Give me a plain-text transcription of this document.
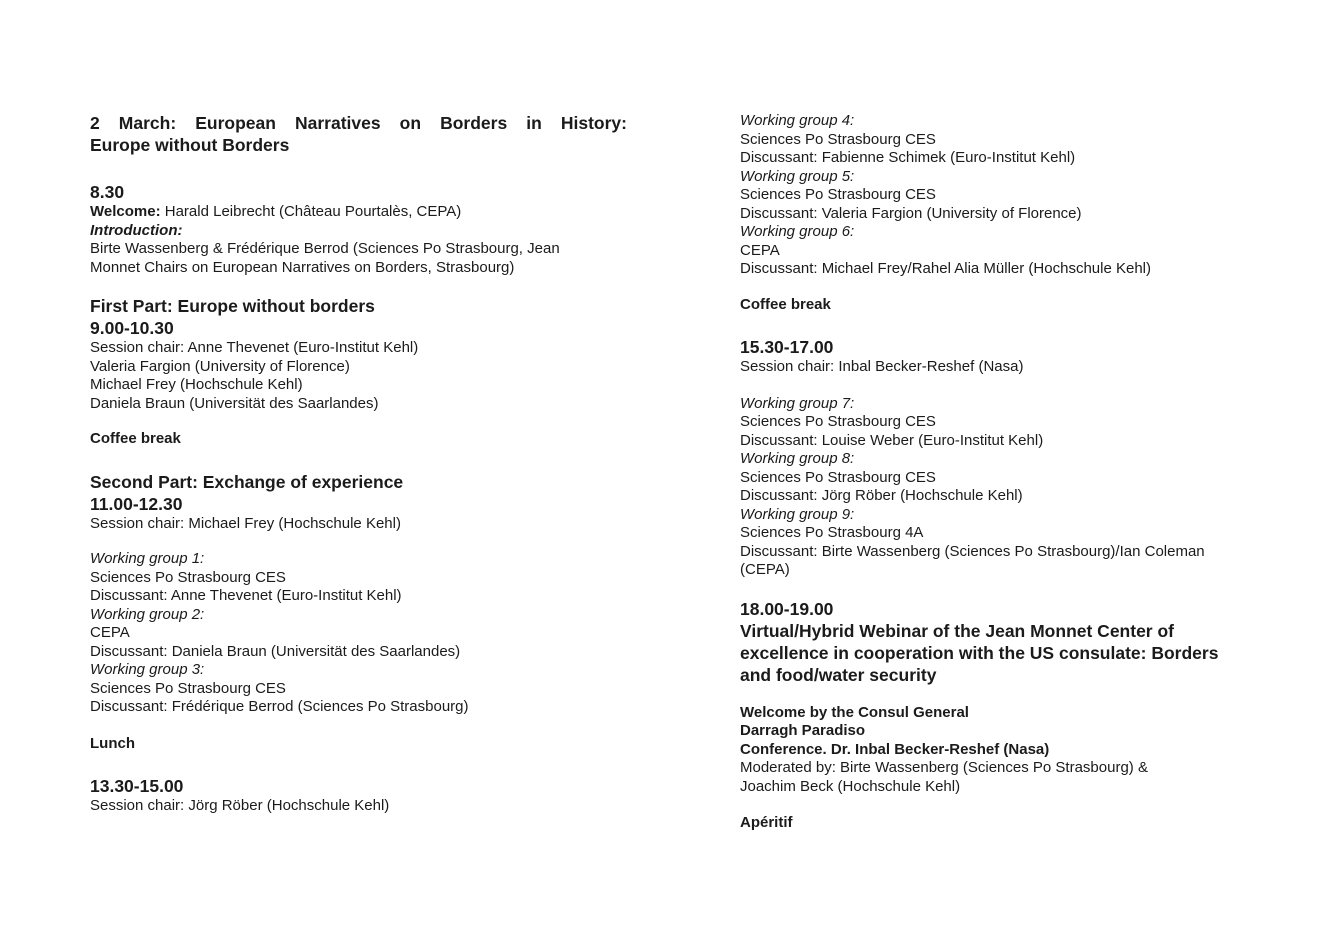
2 March: European Narratives on Borders in History:

Europe without Borders

8.30

Welcome: Harald Leibrecht (Château Pourtalès, CEPA)

Introduction:

Birte Wassenberg & Frédérique Berrod (Sciences Po Strasbourg, Jean

Monnet Chairs on European Narratives on Borders, Strasbourg)

First Part: Europe without borders

9.00-10.30

Session chair: Anne Thevenet (Euro-Institut Kehl)

Valeria Fargion (University of Florence)

Michael Frey (Hochschule Kehl)

Daniela Braun (Universität des Saarlandes)

Coffee break

Second Part: Exchange of experience

11.00-12.30

Session chair: Michael Frey (Hochschule Kehl)

Working group 1:

Sciences Po Strasbourg CES

Discussant: Anne Thevenet (Euro-Institut Kehl)

Working group 2:

CEPA

Discussant: Daniela Braun (Universität des Saarlandes)

Working group 3:

Sciences Po Strasbourg CES

Discussant: Frédérique Berrod (Sciences Po Strasbourg)

Lunch

13.30-15.00

Session chair: Jörg Röber (Hochschule Kehl)

Working group 4:

Sciences Po Strasbourg CES

Discussant: Fabienne Schimek (Euro-Institut Kehl)

Working group 5:

Sciences Po Strasbourg CES

Discussant: Valeria Fargion (University of Florence)

Working group 6:

CEPA

Discussant: Michael Frey/Rahel Alia Müller (Hochschule Kehl)

Coffee break

15.30-17.00

Session chair: Inbal Becker-Reshef (Nasa)

Working group 7:

Sciences Po Strasbourg CES

Discussant: Louise Weber (Euro-Institut Kehl)

Working group 8:

Sciences Po Strasbourg CES

Discussant: Jörg Röber (Hochschule Kehl)

Working group 9:

Sciences Po Strasbourg 4A

Discussant: Birte Wassenberg (Sciences Po Strasbourg)/Ian Coleman

(CEPA)

18.00-19.00

Virtual/Hybrid Webinar of the Jean Monnet Center of

excellence in cooperation with the US consulate: Borders

and food/water security

Welcome by the Consul General

Darragh Paradiso

Conference. Dr. Inbal Becker-Reshef (Nasa)

Moderated by: Birte Wassenberg (Sciences Po Strasbourg) &

Joachim Beck (Hochschule Kehl)

Apéritif
